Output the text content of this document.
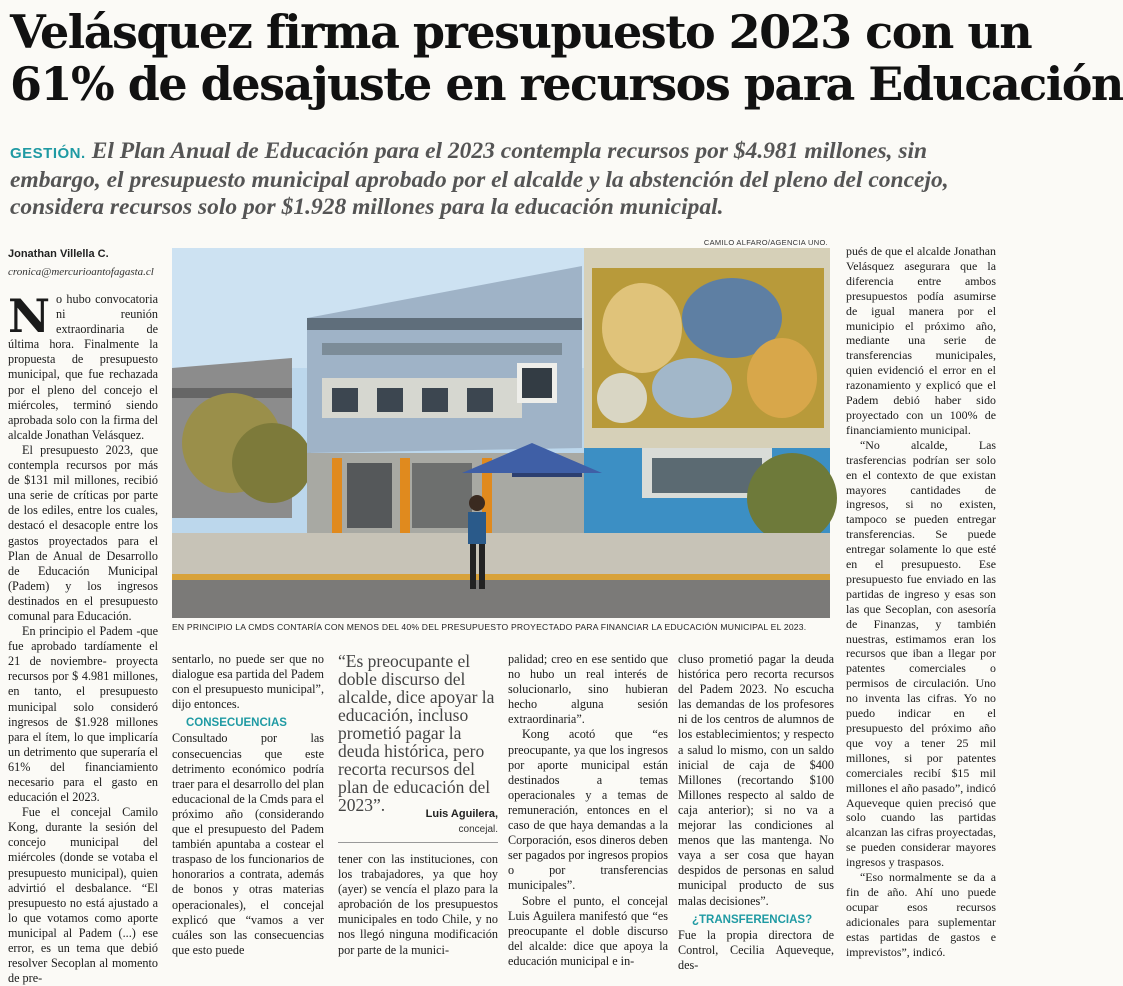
Velásquez firma presupuesto 2023 con un
61% de desajuste en recursos para Educación
GESTIÓN. El Plan Anual de Educación para el 2023 contempla recursos por $4.981 millones, sin embargo, el presupuesto municipal aprobado por el alcalde y la abstención del pleno del concejo, considera recursos solo por $1.928 millones para la educación municipal.
Jonathan Villella C.
cronica@mercurioantofagasta.cl

No hubo convocatoria ni reunión extraordinaria de última hora. Finalmente la propuesta de presupuesto municipal, que fue rechazada por el pleno del concejo el miércoles, terminó siendo aprobada solo con la firma del alcalde Jonathan Velásquez.

El presupuesto 2023, que contempla recursos por más de $131 mil millones, recibió una serie de críticas por parte de los ediles, entre los cuales, destacó el desacople entre los gastos proyectados para el Plan de Anual de Desarrollo de Educación Municipal (Padem) y los ingresos destinados en el presupuesto comunal para Educación.

En principio el Padem -que fue aprobado tardíamente el 21 de noviembre- proyecta recursos por $ 4.981 millones, en tanto, el presupuesto municipal solo consideró ingresos de $1.928 millones para el ítem, lo que implicaría un detrimento que superaría el 61% del financiamiento necesario para el gasto en educación el 2023.

Fue el concejal Camilo Kong, durante la sesión del concejo municipal del miércoles (donde se votaba el presupuesto municipal), quien advirtió el desbalance. “El presupuesto no está ajustado a lo que votamos como aporte municipal al Padem (...) ese error, es un tema que debió resolver Secoplan al momento de pre-

CAMILO ALFARO/AGENCIA UNO.
EN PRINCIPIO LA CMDS CONTARÍA CON MENOS DEL 40% DEL PRESUPUESTO PROYECTADO PARA FINANCIAR LA EDUCACIÓN MUNICIPAL EL 2023.

sentarlo, no puede ser que no dialogue esa partida del Padem con el presupuesto municipal”, dijo entonces.

CONSECUENCIAS

Consultado por las consecuencias que este detrimento económico podría traer para el desarrollo del plan educacional de la Cmds para el próximo año (considerando que el presupuesto del Padem también apuntaba a costear el traspaso de los funcionarios de honorarios a contrata, además de bonos y otras materias operacionales), el concejal explicó que “vamos a ver cuáles son las consecuencias que esto puede

“Es preocupante el doble discurso del alcalde, dice apoyar la educación, incluso prometió pagar la deuda histórica, pero recorta recursos del plan de educación del 2023”.	Luis Aguilera,
concejal.

tener con las instituciones, con los trabajadores, ya que hoy (ayer) se vencía el plazo para la aprobación de los presupuestos municipales en todo Chile, y no nos llegó ninguna modificación por parte de la munici-

palidad; creo en ese sentido que no hubo un real interés de solucionarlo, sino hubieran hecho alguna sesión extraordinaria”.

Kong acotó que “es preocupante, ya que los ingresos por aporte municipal están destinados a temas operacionales y a temas de remuneración, entonces en el caso de que haya demandas a la Corporación, esos dineros deben ser pagados por ingresos propios o por transferencias municipales”.

Sobre el punto, el concejal Luis Aguilera manifestó que “es preocupante el doble discurso del alcalde: dice que apoya la educación municipal e in-

cluso prometió pagar la deuda histórica pero recorta recursos del Padem 2023. No escucha las demandas de los profesores ni de los centros de alumnos de los establecimientos; y respecto a salud lo mismo, con un saldo inicial de caja de $400 Millones (recortando $100 Millones respecto al saldo de caja anterior); si no va a mejorar las condiciones al menos que las mantenga. No vaya a ser cosa que hayan despidos de personas en salud municipal producto de sus malas decisiones”.

¿TRANSFERENCIAS?

Fue la propia directora de Control, Cecilia Aqueveque, des-

pués de que el alcalde Jonathan Velásquez asegurara que la diferencia entre ambos presupuestos podía asumirse de igual manera por el municipio el próximo año, mediante una serie de transferencias municipales, quien evidenció el error en el razonamiento y explicó que el Padem debió haber sido proyectado con un 100% de financiamiento municipal.

“No alcalde, Las trasferencias podrían ser solo en el contexto de que existan mayores cantidades de ingresos, si no existen, tampoco se pueden entregar transferencias. Se puede entregar solamente lo que esté en el presupuesto. Ese presupuesto fue enviado en las partidas de ingreso y esas son las que Secoplan, con asesoría de Finanzas, y también nuestras, estimamos eran los recursos que iban a llegar por patentes comerciales o permisos de circulación. Uno no inventa las cifras. Yo no puedo indicar en el presupuesto del próximo año que voy a tener 25 mil millones, si por patentes comerciales recibí $15 mil millones el año pasado”, indicó Aqueveque quien precisó que solo cuando las partidas alcanzan las cifras proyectadas, se pueden considerar mayores ingresos y traspasos.

“Eso normalmente se da a fin de año. Ahí uno puede ocupar esos recursos adicionales para suplementar estas partidas de gastos e imprevistos”, indicó.
